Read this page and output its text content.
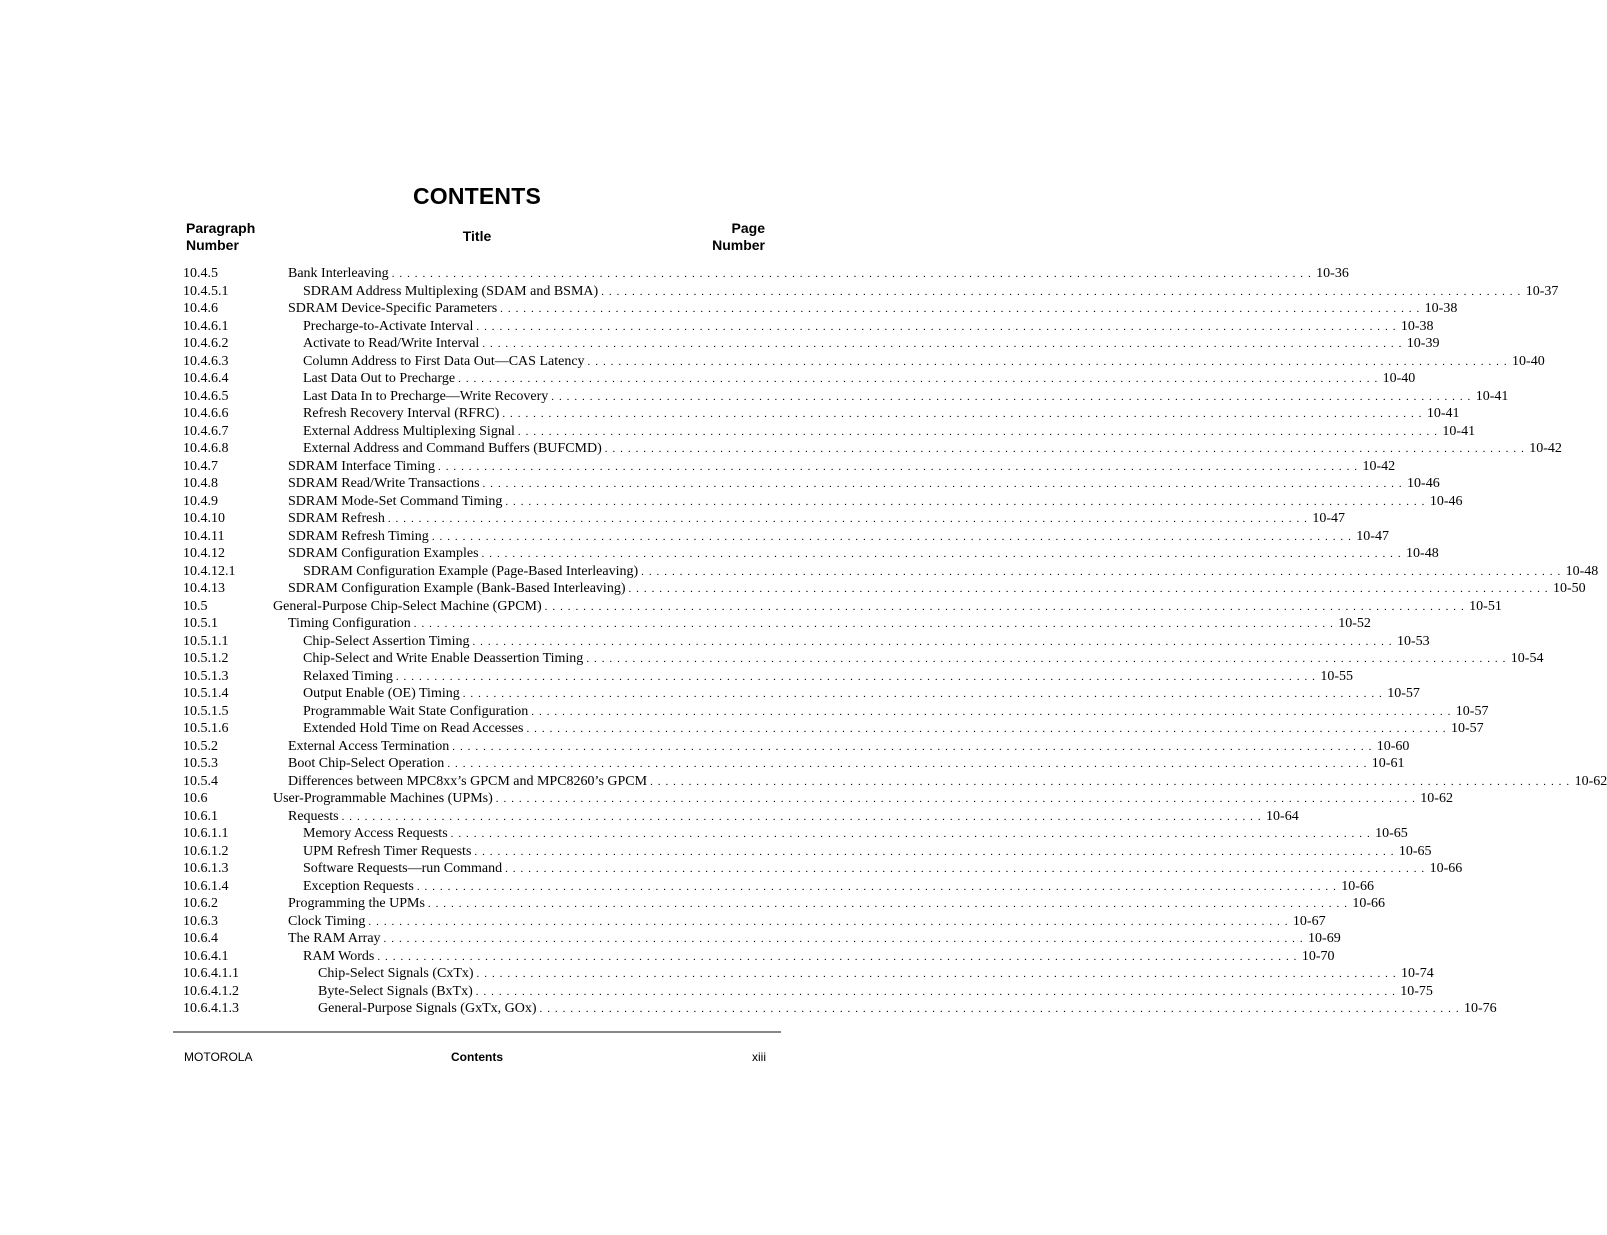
CONTENTS
Paragraph
Number
Title	Page
Number
10.4.5	Bank Interleaving . . . . . . . . . . . . . . . . . . . . . . . . . . . . . . . . . . . . . . . . . . . . . . . . . . . . . . . . . . . . . . . . . . . . . . . . . . . . . . . . . . . . . . . . . . . . . . . . . . . . . . . . . . . . . . . . . . . . . . . . 10-36
10.4.5.1	SDRAM Address Multiplexing (SDAM and BSMA) . . . . . . . . . . . . . . . . . . . . . . . . . . . . . . . . . . . . . . . . . . . . . . . . . . . . . . . . . . . . . . . . . . . . . . . . . . . . . . . . . . . . . . . . . . . . . . . . . . . . . . . . . . . . . . . . . . . . . . . . 10-37
10.4.6	SDRAM Device-Specific Parameters . . . . . . . . . . . . . . . . . . . . . . . . . . . . . . . . . . . . . . . . . . . . . . . . . . . . . . . . . . . . . . . . . . . . . . . . . . . . . . . . . . . . . . . . . . . . . . . . . . . . . . . . . . . . . . . . . . . . . . . . 10-38
10.4.6.1	Precharge-to-Activate Interval . . . . . . . . . . . . . . . . . . . . . . . . . . . . . . . . . . . . . . . . . . . . . . . . . . . . . . . . . . . . . . . . . . . . . . . . . . . . . . . . . . . . . . . . . . . . . . . . . . . . . . . . . . . . . . . . . . . . . . . . 10-38
10.4.6.2	Activate to Read/Write Interval . . . . . . . . . . . . . . . . . . . . . . . . . . . . . . . . . . . . . . . . . . . . . . . . . . . . . . . . . . . . . . . . . . . . . . . . . . . . . . . . . . . . . . . . . . . . . . . . . . . . . . . . . . . . . . . . . . . . . . . . 10-39
10.4.6.3	Column Address to First Data Out—CAS Latency . . . . . . . . . . . . . . . . . . . . . . . . . . . . . . . . . . . . . . . . . . . . . . . . . . . . . . . . . . . . . . . . . . . . . . . . . . . . . . . . . . . . . . . . . . . . . . . . . . . . . . . . . . . . . . . . . . . . . . . . 10-40
10.4.6.4	Last Data Out to Precharge . . . . . . . . . . . . . . . . . . . . . . . . . . . . . . . . . . . . . . . . . . . . . . . . . . . . . . . . . . . . . . . . . . . . . . . . . . . . . . . . . . . . . . . . . . . . . . . . . . . . . . . . . . . . . . . . . . . . . . . . 10-40
10.4.6.5	Last Data In to Precharge—Write Recovery . . . . . . . . . . . . . . . . . . . . . . . . . . . . . . . . . . . . . . . . . . . . . . . . . . . . . . . . . . . . . . . . . . . . . . . . . . . . . . . . . . . . . . . . . . . . . . . . . . . . . . . . . . . . . . . . . . . . . . . . 10-41
10.4.6.6	Refresh Recovery Interval (RFRC) . . . . . . . . . . . . . . . . . . . . . . . . . . . . . . . . . . . . . . . . . . . . . . . . . . . . . . . . . . . . . . . . . . . . . . . . . . . . . . . . . . . . . . . . . . . . . . . . . . . . . . . . . . . . . . . . . . . . . . . . 10-41
10.4.6.7	External Address Multiplexing Signal . . . . . . . . . . . . . . . . . . . . . . . . . . . . . . . . . . . . . . . . . . . . . . . . . . . . . . . . . . . . . . . . . . . . . . . . . . . . . . . . . . . . . . . . . . . . . . . . . . . . . . . . . . . . . . . . . . . . . . . . 10-41
10.4.6.8	External Address and Command Buffers (BUFCMD) . . . . . . . . . . . . . . . . . . . . . . . . . . . . . . . . . . . . . . . . . . . . . . . . . . . . . . . . . . . . . . . . . . . . . . . . . . . . . . . . . . . . . . . . . . . . . . . . . . . . . . . . . . . . . . . . . . . . . . . . 10-42
10.4.7	SDRAM Interface Timing . . . . . . . . . . . . . . . . . . . . . . . . . . . . . . . . . . . . . . . . . . . . . . . . . . . . . . . . . . . . . . . . . . . . . . . . . . . . . . . . . . . . . . . . . . . . . . . . . . . . . . . . . . . . . . . . . . . . . . . . 10-42
10.4.8	SDRAM Read/Write Transactions . . . . . . . . . . . . . . . . . . . . . . . . . . . . . . . . . . . . . . . . . . . . . . . . . . . . . . . . . . . . . . . . . . . . . . . . . . . . . . . . . . . . . . . . . . . . . . . . . . . . . . . . . . . . . . . . . . . . . . . . 10-46
10.4.9	SDRAM Mode-Set Command Timing . . . . . . . . . . . . . . . . . . . . . . . . . . . . . . . . . . . . . . . . . . . . . . . . . . . . . . . . . . . . . . . . . . . . . . . . . . . . . . . . . . . . . . . . . . . . . . . . . . . . . . . . . . . . . . . . . . . . . . . . 10-46
10.4.10	SDRAM Refresh . . . . . . . . . . . . . . . . . . . . . . . . . . . . . . . . . . . . . . . . . . . . . . . . . . . . . . . . . . . . . . . . . . . . . . . . . . . . . . . . . . . . . . . . . . . . . . . . . . . . . . . . . . . . . . . . . . . . . . . . 10-47
10.4.11	SDRAM Refresh Timing . . . . . . . . . . . . . . . . . . . . . . . . . . . . . . . . . . . . . . . . . . . . . . . . . . . . . . . . . . . . . . . . . . . . . . . . . . . . . . . . . . . . . . . . . . . . . . . . . . . . . . . . . . . . . . . . . . . . . . . . 10-47
10.4.12	SDRAM Configuration Examples . . . . . . . . . . . . . . . . . . . . . . . . . . . . . . . . . . . . . . . . . . . . . . . . . . . . . . . . . . . . . . . . . . . . . . . . . . . . . . . . . . . . . . . . . . . . . . . . . . . . . . . . . . . . . . . . . . . . . . . . 10-48
10.4.12.1	SDRAM Configuration Example (Page-Based Interleaving) . . . . . . . . . . . . . . . . . . . . . . . . . . . . . . . . . . . . . . . . . . . . . . . . . . . . . . . . . . . . . . . . . . . . . . . . . . . . . . . . . . . . . . . . . . . . . . . . . . . . . . . . . . . . . . . . . . . . . . . . 10-48
10.4.13	SDRAM Configuration Example (Bank-Based Interleaving) . . . . . . . . . . . . . . . . . . . . . . . . . . . . . . . . . . . . . . . . . . . . . . . . . . . . . . . . . . . . . . . . . . . . . . . . . . . . . . . . . . . . . . . . . . . . . . . . . . . . . . . . . . . . . . . . . . . . . . . . 10-50
10.5	General-Purpose Chip-Select Machine (GPCM) . . . . . . . . . . . . . . . . . . . . . . . . . . . . . . . . . . . . . . . . . . . . . . . . . . . . . . . . . . . . . . . . . . . . . . . . . . . . . . . . . . . . . . . . . . . . . . . . . . . . . . . . . . . . . . . . . . . . . . . . 10-51
10.5.1	Timing Configuration . . . . . . . . . . . . . . . . . . . . . . . . . . . . . . . . . . . . . . . . . . . . . . . . . . . . . . . . . . . . . . . . . . . . . . . . . . . . . . . . . . . . . . . . . . . . . . . . . . . . . . . . . . . . . . . . . . . . . . . . 10-52
10.5.1.1	Chip-Select Assertion Timing . . . . . . . . . . . . . . . . . . . . . . . . . . . . . . . . . . . . . . . . . . . . . . . . . . . . . . . . . . . . . . . . . . . . . . . . . . . . . . . . . . . . . . . . . . . . . . . . . . . . . . . . . . . . . . . . . . . . . . . . 10-53
10.5.1.2	Chip-Select and Write Enable Deassertion Timing . . . . . . . . . . . . . . . . . . . . . . . . . . . . . . . . . . . . . . . . . . . . . . . . . . . . . . . . . . . . . . . . . . . . . . . . . . . . . . . . . . . . . . . . . . . . . . . . . . . . . . . . . . . . . . . . . . . . . . . . 10-54
10.5.1.3	Relaxed Timing . . . . . . . . . . . . . . . . . . . . . . . . . . . . . . . . . . . . . . . . . . . . . . . . . . . . . . . . . . . . . . . . . . . . . . . . . . . . . . . . . . . . . . . . . . . . . . . . . . . . . . . . . . . . . . . . . . . . . . . . 10-55
10.5.1.4	Output Enable (OE) Timing . . . . . . . . . . . . . . . . . . . . . . . . . . . . . . . . . . . . . . . . . . . . . . . . . . . . . . . . . . . . . . . . . . . . . . . . . . . . . . . . . . . . . . . . . . . . . . . . . . . . . . . . . . . . . . . . . . . . . . . . 10-57
10.5.1.5	Programmable Wait State Configuration . . . . . . . . . . . . . . . . . . . . . . . . . . . . . . . . . . . . . . . . . . . . . . . . . . . . . . . . . . . . . . . . . . . . . . . . . . . . . . . . . . . . . . . . . . . . . . . . . . . . . . . . . . . . . . . . . . . . . . . . 10-57
10.5.1.6	Extended Hold Time on Read Accesses . . . . . . . . . . . . . . . . . . . . . . . . . . . . . . . . . . . . . . . . . . . . . . . . . . . . . . . . . . . . . . . . . . . . . . . . . . . . . . . . . . . . . . . . . . . . . . . . . . . . . . . . . . . . . . . . . . . . . . . . 10-57
10.5.2	External Access Termination . . . . . . . . . . . . . . . . . . . . . . . . . . . . . . . . . . . . . . . . . . . . . . . . . . . . . . . . . . . . . . . . . . . . . . . . . . . . . . . . . . . . . . . . . . . . . . . . . . . . . . . . . . . . . . . . . . . . . . . . 10-60
10.5.3	Boot Chip-Select Operation . . . . . . . . . . . . . . . . . . . . . . . . . . . . . . . . . . . . . . . . . . . . . . . . . . . . . . . . . . . . . . . . . . . . . . . . . . . . . . . . . . . . . . . . . . . . . . . . . . . . . . . . . . . . . . . . . . . . . . . . 10-61
10.5.4	Differences between MPC8xx’s GPCM and MPC8260’s GPCM . . . . . . . . . . . . . . . . . . . . . . . . . . . . . . . . . . . . . . . . . . . . . . . . . . . . . . . . . . . . . . . . . . . . . . . . . . . . . . . . . . . . . . . . . . . . . . . . . . . . . . . . . . . . . . . . . . . . . . . . 10-62
10.6	User-Programmable Machines (UPMs) . . . . . . . . . . . . . . . . . . . . . . . . . . . . . . . . . . . . . . . . . . . . . . . . . . . . . . . . . . . . . . . . . . . . . . . . . . . . . . . . . . . . . . . . . . . . . . . . . . . . . . . . . . . . . . . . . . . . . . . . 10-62
10.6.1	Requests . . . . . . . . . . . . . . . . . . . . . . . . . . . . . . . . . . . . . . . . . . . . . . . . . . . . . . . . . . . . . . . . . . . . . . . . . . . . . . . . . . . . . . . . . . . . . . . . . . . . . . . . . . . . . . . . . . . . . . . . 10-64
10.6.1.1	Memory Access Requests . . . . . . . . . . . . . . . . . . . . . . . . . . . . . . . . . . . . . . . . . . . . . . . . . . . . . . . . . . . . . . . . . . . . . . . . . . . . . . . . . . . . . . . . . . . . . . . . . . . . . . . . . . . . . . . . . . . . . . . . 10-65
10.6.1.2	UPM Refresh Timer Requests . . . . . . . . . . . . . . . . . . . . . . . . . . . . . . . . . . . . . . . . . . . . . . . . . . . . . . . . . . . . . . . . . . . . . . . . . . . . . . . . . . . . . . . . . . . . . . . . . . . . . . . . . . . . . . . . . . . . . . . . 10-65
10.6.1.3	Software Requests—run Command . . . . . . . . . . . . . . . . . . . . . . . . . . . . . . . . . . . . . . . . . . . . . . . . . . . . . . . . . . . . . . . . . . . . . . . . . . . . . . . . . . . . . . . . . . . . . . . . . . . . . . . . . . . . . . . . . . . . . . . . 10-66
10.6.1.4	Exception Requests . . . . . . . . . . . . . . . . . . . . . . . . . . . . . . . . . . . . . . . . . . . . . . . . . . . . . . . . . . . . . . . . . . . . . . . . . . . . . . . . . . . . . . . . . . . . . . . . . . . . . . . . . . . . . . . . . . . . . . . . 10-66
10.6.2	Programming the UPMs . . . . . . . . . . . . . . . . . . . . . . . . . . . . . . . . . . . . . . . . . . . . . . . . . . . . . . . . . . . . . . . . . . . . . . . . . . . . . . . . . . . . . . . . . . . . . . . . . . . . . . . . . . . . . . . . . . . . . . . . 10-66
10.6.3	Clock Timing . . . . . . . . . . . . . . . . . . . . . . . . . . . . . . . . . . . . . . . . . . . . . . . . . . . . . . . . . . . . . . . . . . . . . . . . . . . . . . . . . . . . . . . . . . . . . . . . . . . . . . . . . . . . . . . . . . . . . . . . 10-67
10.6.4	The RAM Array . . . . . . . . . . . . . . . . . . . . . . . . . . . . . . . . . . . . . . . . . . . . . . . . . . . . . . . . . . . . . . . . . . . . . . . . . . . . . . . . . . . . . . . . . . . . . . . . . . . . . . . . . . . . . . . . . . . . . . . . 10-69
10.6.4.1	RAM Words . . . . . . . . . . . . . . . . . . . . . . . . . . . . . . . . . . . . . . . . . . . . . . . . . . . . . . . . . . . . . . . . . . . . . . . . . . . . . . . . . . . . . . . . . . . . . . . . . . . . . . . . . . . . . . . . . . . . . . . . 10-70
10.6.4.1.1	Chip-Select Signals (CxTx) . . . . . . . . . . . . . . . . . . . . . . . . . . . . . . . . . . . . . . . . . . . . . . . . . . . . . . . . . . . . . . . . . . . . . . . . . . . . . . . . . . . . . . . . . . . . . . . . . . . . . . . . . . . . . . . . . . . . . . . . 10-74
10.6.4.1.2	Byte-Select Signals (BxTx) . . . . . . . . . . . . . . . . . . . . . . . . . . . . . . . . . . . . . . . . . . . . . . . . . . . . . . . . . . . . . . . . . . . . . . . . . . . . . . . . . . . . . . . . . . . . . . . . . . . . . . . . . . . . . . . . . . . . . . . . 10-75
10.6.4.1.3	General-Purpose Signals (GxTx, GOx) . . . . . . . . . . . . . . . . . . . . . . . . . . . . . . . . . . . . . . . . . . . . . . . . . . . . . . . . . . . . . . . . . . . . . . . . . . . . . . . . . . . . . . . . . . . . . . . . . . . . . . . . . . . . . . . . . . . . . . . . 10-76
MOTOROLA	Contents	xiii
